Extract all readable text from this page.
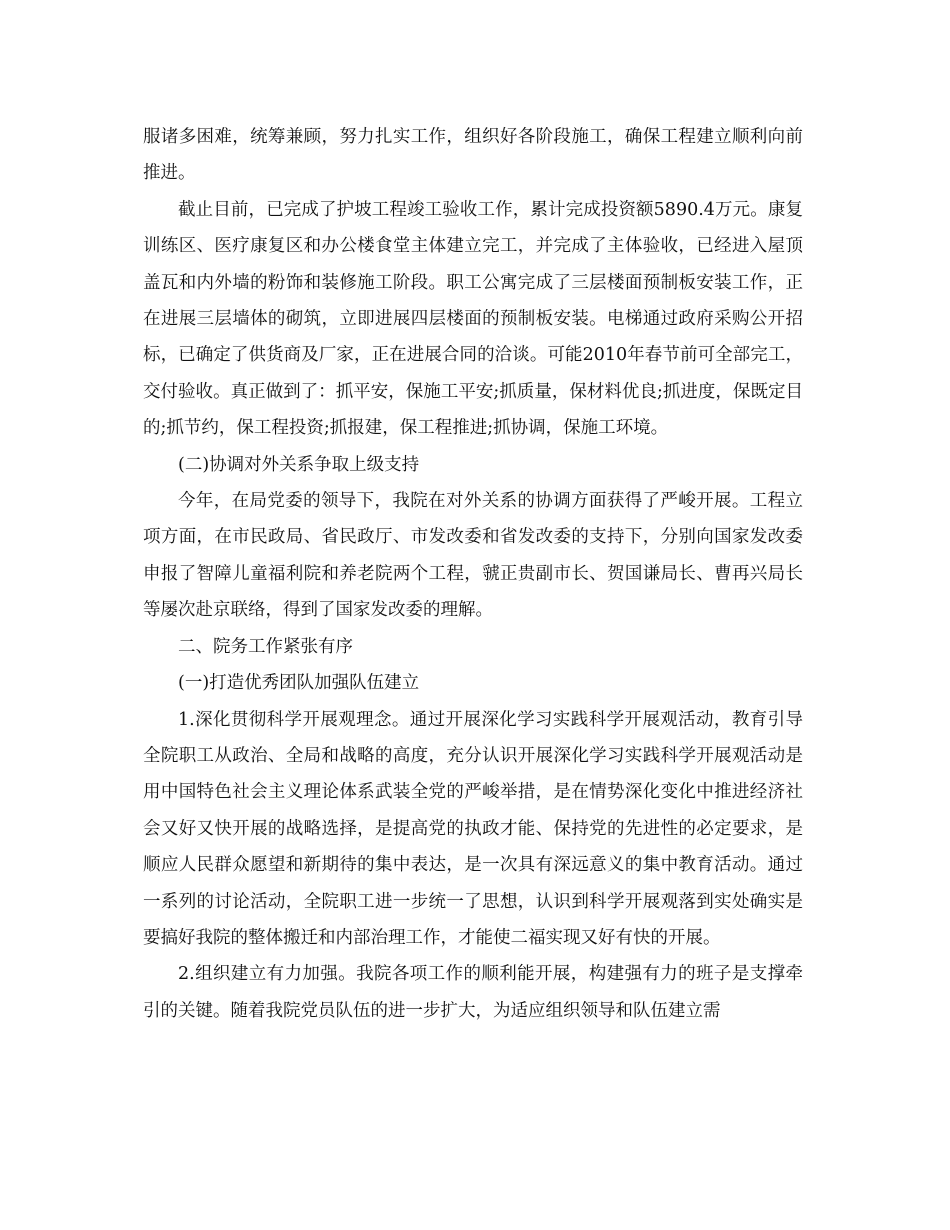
服诸多困难，统筹兼顾，努力扎实工作，组织好各阶段施工，确保工程建立顺利向前推进。

截止目前，已完成了护坡工程竣工验收工作，累计完成投资额5890.4万元。康复训练区、医疗康复区和办公楼食堂主体建立完工，并完成了主体验收，已经进入屋顶盖瓦和内外墙的粉饰和装修施工阶段。职工公寓完成了三层楼面预制板安装工作，正在进展三层墙体的砌筑，立即进展四层楼面的预制板安装。电梯通过政府采购公开招标，已确定了供货商及厂家，正在进展合同的洽谈。可能2010年春节前可全部完工，交付验收。真正做到了：抓平安，保施工平安;抓质量，保材料优良;抓进度，保既定目的;抓节约，保工程投资;抓报建，保工程推进;抓协调，保施工环境。

(二)协调对外关系争取上级支持

今年，在局党委的领导下，我院在对外关系的协调方面获得了严峻开展。工程立项方面，在市民政局、省民政厅、市发改委和省发改委的支持下，分别向国家发改委申报了智障儿童福利院和养老院两个工程，虢正贵副市长、贺国谦局长、曹再兴局长等屡次赴京联络，得到了国家发改委的理解。

二、院务工作紧张有序

(一)打造优秀团队加强队伍建立

1.深化贯彻科学开展观理念。通过开展深化学习实践科学开展观活动，教育引导全院职工从政治、全局和战略的高度，充分认识开展深化学习实践科学开展观活动是用中国特色社会主义理论体系武装全党的严峻举措，是在情势深化变化中推进经济社会又好又快开展的战略选择，是提高党的执政才能、保持党的先进性的必定要求，是顺应人民群众愿望和新期待的集中表达，是一次具有深远意义的集中教育活动。通过一系列的讨论活动，全院职工进一步统一了思想，认识到科学开展观落到实处确实是要搞好我院的整体搬迁和内部治理工作，才能使二福实现又好有快的开展。

2.组织建立有力加强。我院各项工作的顺利能开展，构建强有力的班子是支撑牵引的关键。随着我院党员队伍的进一步扩大，为适应组织领导和队伍建立需
